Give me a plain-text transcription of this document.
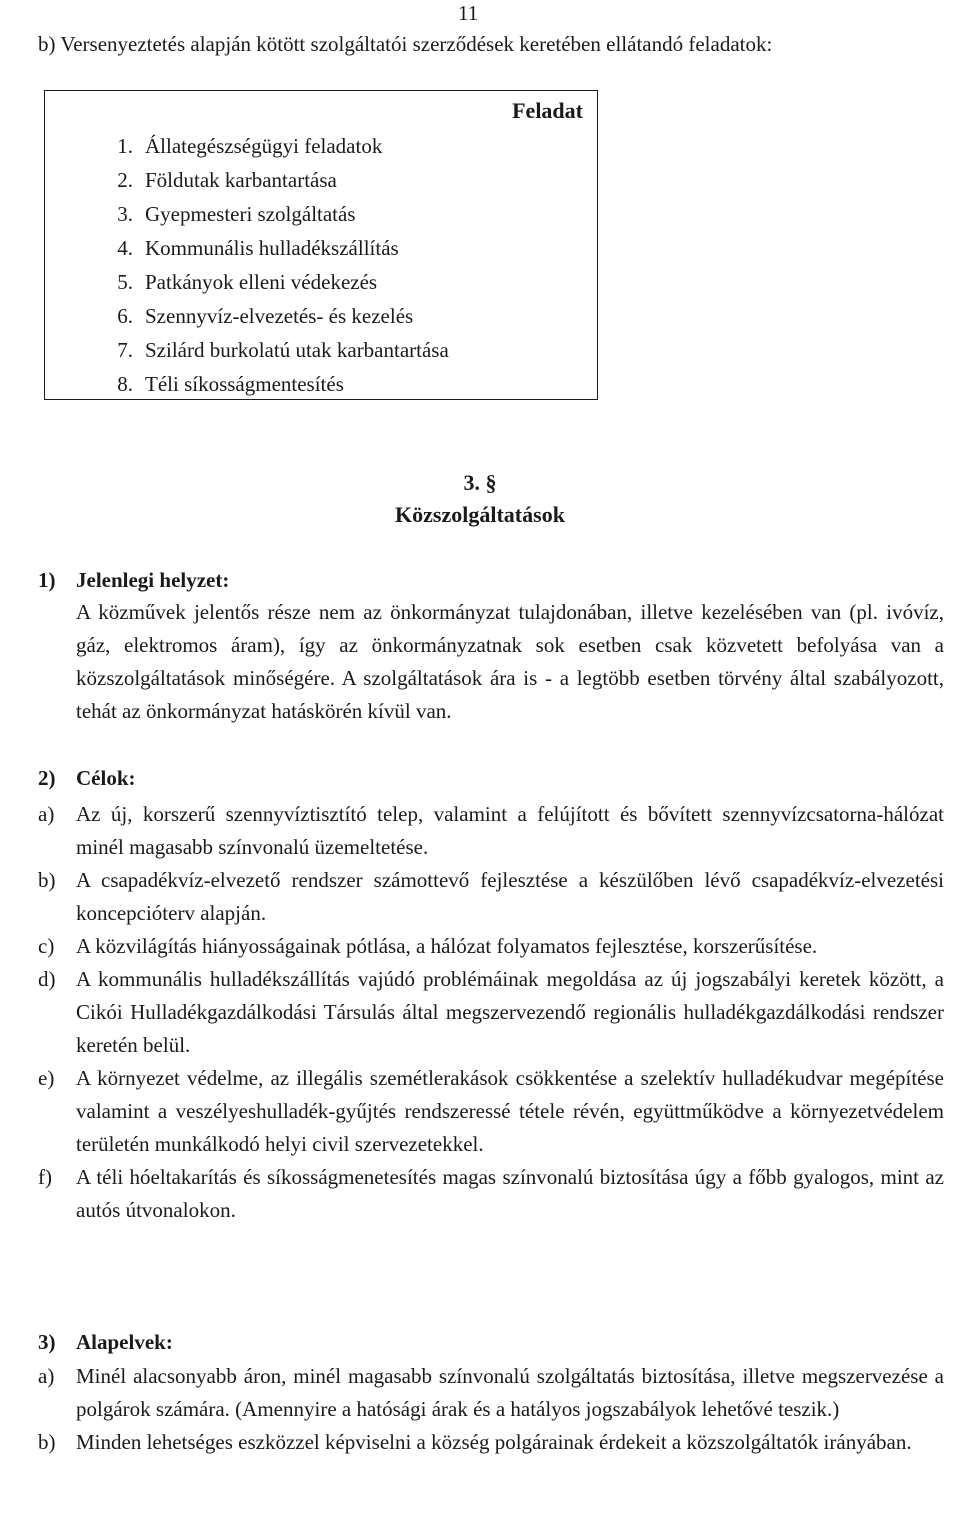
11
b) Versenyeztetés alapján kötött szolgáltatói szerződések keretében ellátandó feladatok:
Feladat
1. Állategészségügyi feladatok
2. Földutak karbantartása
3. Gyepmesteri szolgáltatás
4. Kommunális hulladékszállítás
5. Patkányok elleni védekezés
6. Szennyvíz-elvezetés- és kezelés
7. Szilárd burkolatú utak karbantartása
8. Téli síkosságmentesítés
3. §
Közszolgáltatások
1) Jelenlegi helyzet:
A közművek jelentős része nem az önkormányzat tulajdonában, illetve kezelésében van (pl. ivóvíz, gáz, elektromos áram), így az önkormányzatnak sok esetben csak közvetett befolyása van a közszolgáltatások minőségére. A szolgáltatások ára is - a legtöbb esetben törvény által szabályozott, tehát az önkormányzat hatáskörén kívül van.
2) Célok:
a) Az új, korszerű szennyvíztisztító telep, valamint a felújított és bővített szennyvízcsatorna-hálózat minél magasabb színvonalú üzemeltetése.
b) A csapadékvíz-elvezető rendszer számottevő fejlesztése a készülőben lévő csapadékvíz-elvezetési koncepcióterv alapján.
c) A közvilágítás hiányosságainak pótlása, a hálózat folyamatos fejlesztése, korszerűsítése.
d) A kommunális hulladékszállítás vajúdó problémáinak megoldása az új jogszabályi keretek között, a Cikói Hulladékgazdálkodási Társulás által megszervezendő regionális hulladékgazdálkodási rendszer keretén belül.
e) A környezet védelme, az illegális szemétlerakások csökkentése a szelektív hulladékudvar megépítése valamint a veszélyeshulladék-gyűjtés rendszeressé tétele révén, együttműködve a környezetvédelem területén munkálkodó helyi civil szervezetekkel.
f) A téli hóeltakarítás és síkosságmenetesítés magas színvonalú biztosítása úgy a főbb gyalogos, mint az autós útvonalokon.
3) Alapelvek:
a) Minél alacsonyabb áron, minél magasabb színvonalú szolgáltatás biztosítása, illetve megszervezése a polgárok számára. (Amennyire a hatósági árak és a hatályos jogszabályok lehetővé teszik.)
b) Minden lehetséges eszközzel képviselni a község polgárainak érdekeit a közszolgáltatók irányában.
